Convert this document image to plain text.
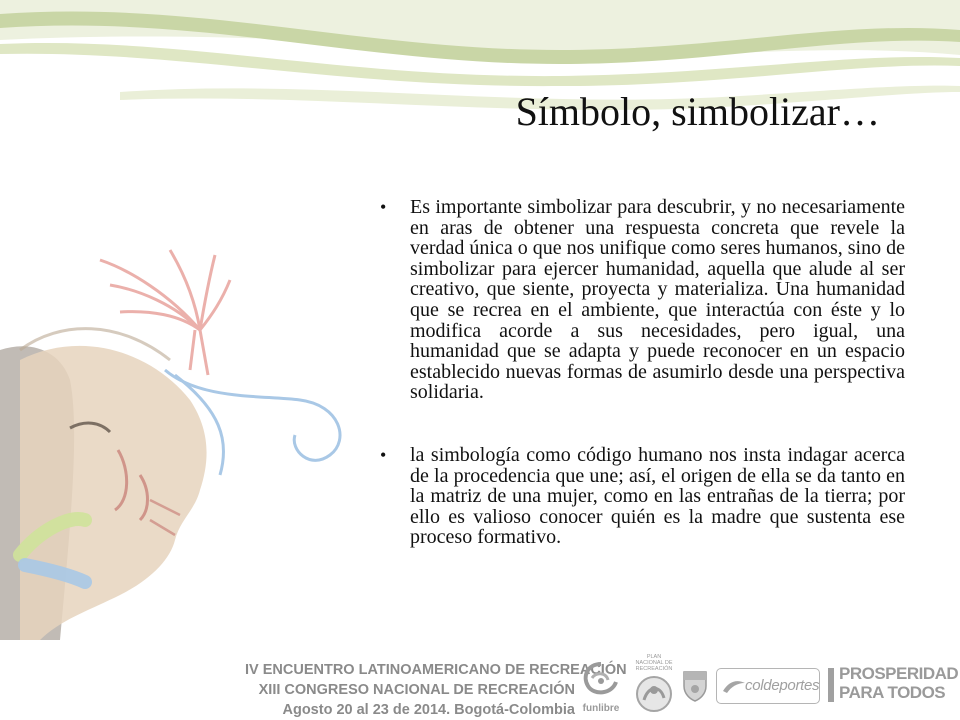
Símbolo, simbolizar…
• Es importante simbolizar para descubrir, y no necesariamente en aras de obtener una respuesta concreta que revele la verdad única o que nos unifique como seres humanos, sino de simbolizar para ejercer humanidad, aquella que alude al ser creativo, que siente, proyecta y materializa. Una humanidad que se recrea en el ambiente, que interactúa con éste y lo modifica acorde a sus necesidades, pero igual, una humanidad que se adapta y puede reconocer en un espacio establecido nuevas formas de asumirlo desde una perspectiva solidaria.
• la simbología como código humano nos insta indagar acerca de la procedencia que une; así, el origen de ella se da tanto en la matriz de una mujer, como en las entrañas de la tierra; por ello es valioso conocer quién es la madre que sustenta ese proceso formativo.
IV ENCUENTRO LATINOAMERICANO DE RECREACIÓN
XIII CONGRESO NACIONAL DE RECREACIÓN
Agosto 20 al 23 de 2014. Bogotá-Colombia funlibre
PLAN NACIONAL DE RECREACIÓN
coldeportes
PROSPERIDAD
PARA TODOS
